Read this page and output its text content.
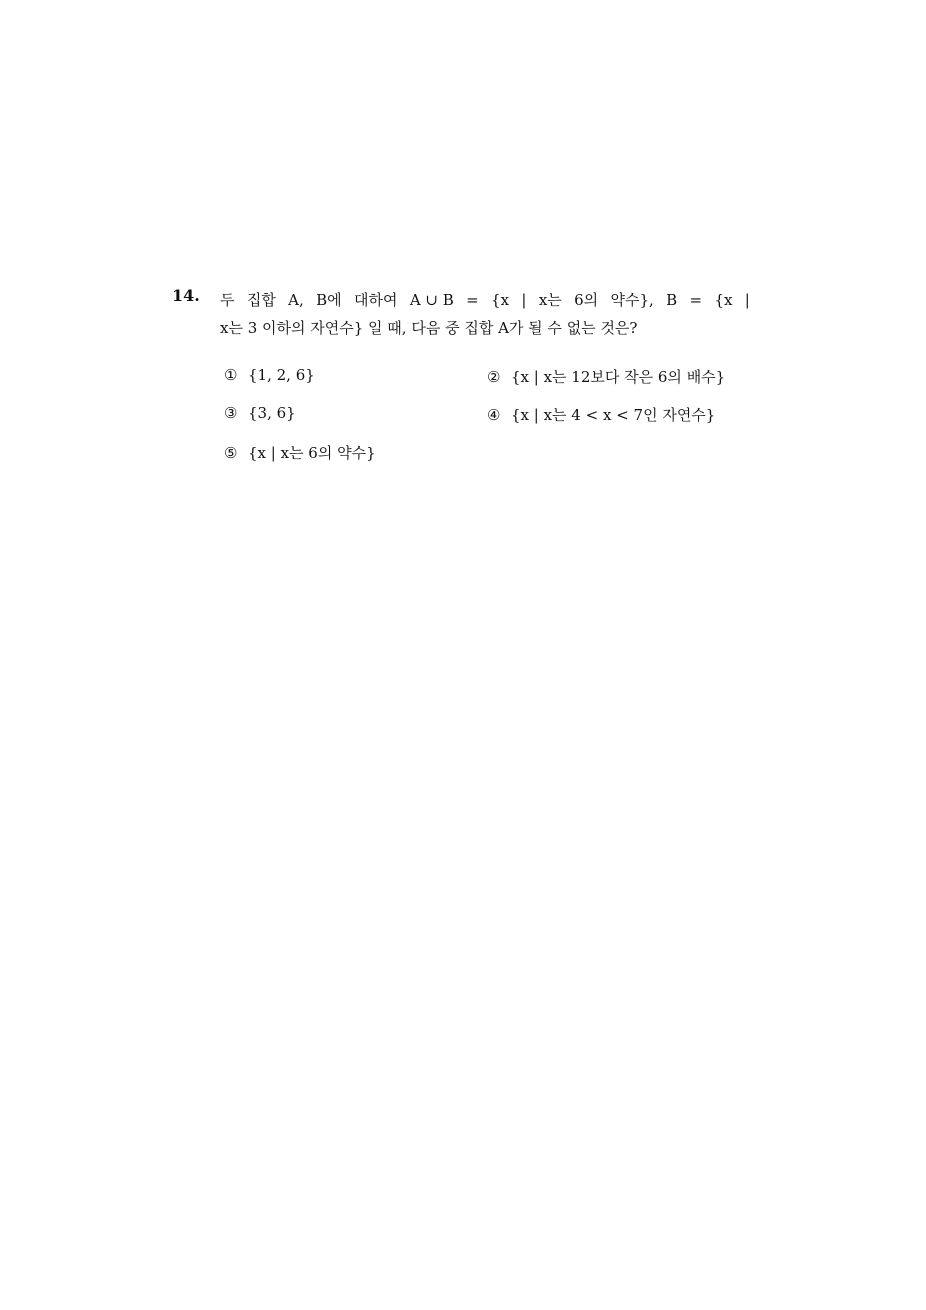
14. 두 집합 A, B에 대하여 A ∪ B = {x | x는 6의 약수}, B = {x |
x는 3 이하의 자연수} 일 때, 다음 중 집합 A가 될 수 없는 것은?
① {1, 2, 6}	② {x | x는 12보다 작은 6의 배수}
③ {3, 6}	④ {x | x는 4 < x < 7인 자연수}
⑤ {x | x는 6의 약수}
